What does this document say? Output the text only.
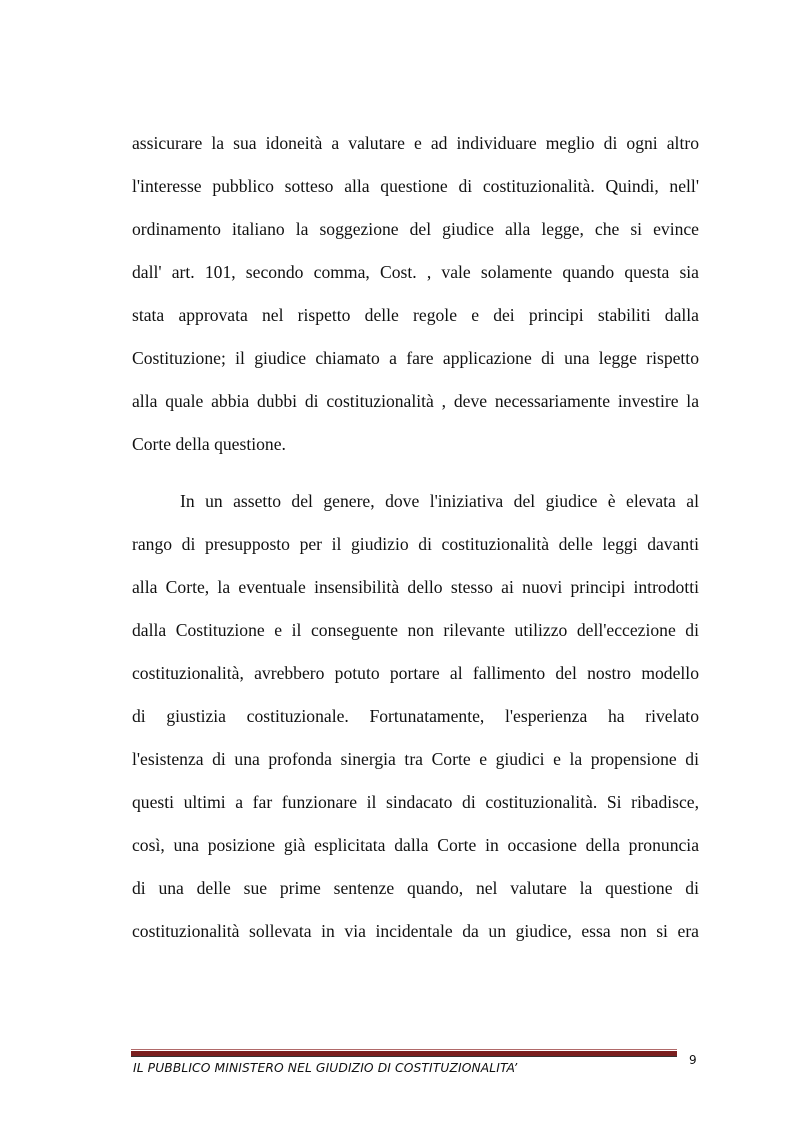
assicurare la sua idoneità a valutare e ad individuare meglio di ogni altro
l'interesse pubblico sotteso alla questione di costituzionalità. Quindi, nell'
ordinamento italiano la soggezione del giudice alla legge, che si evince
dall' art. 101, secondo comma, Cost. , vale solamente quando questa sia
stata approvata nel rispetto delle regole e dei principi stabiliti dalla
Costituzione; il giudice chiamato a fare applicazione di una legge rispetto
alla quale abbia dubbi di costituzionalità , deve necessariamente investire la
Corte della questione.
In un assetto del genere, dove l'iniziativa del giudice è elevata al
rango di presupposto per il giudizio di costituzionalità delle leggi davanti
alla Corte, la eventuale insensibilità dello stesso ai nuovi principi introdotti
dalla Costituzione e il conseguente non rilevante utilizzo dell'eccezione di
costituzionalità, avrebbero potuto portare al fallimento del nostro modello
di giustizia costituzionale. Fortunatamente, l'esperienza ha rivelato
l'esistenza di una profonda sinergia tra Corte e giudici e la propensione di
questi ultimi a far funzionare il sindacato di costituzionalità. Si ribadisce,
così, una posizione già esplicitata dalla Corte in occasione della pronuncia
di una delle sue prime sentenze quando, nel valutare la questione di
costituzionalità sollevata in via incidentale da un giudice, essa non si era
IL PUBBLICO MINISTERO NEL GIUDIZIO DI COSTITUZIONALITA’
9
